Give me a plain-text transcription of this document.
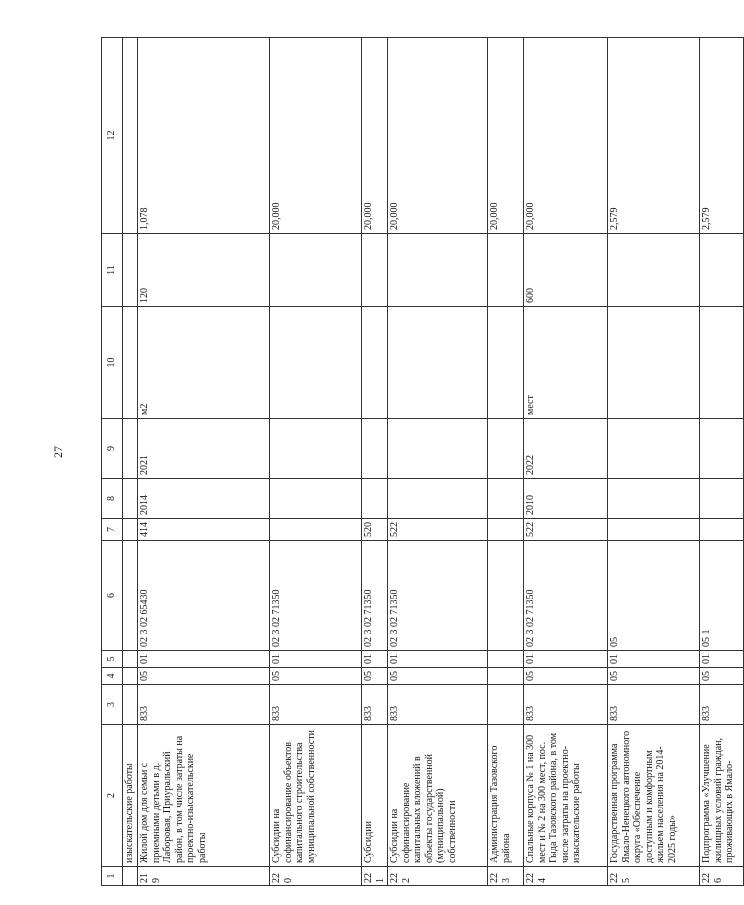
27
1	2	3	4	5	6	7	8	9	10	11	12
	изыскательские работы										
219	Жилой дом для семьи с приемными детьми в д. Лаборовая, Приуральский район, в том числе затраты на проектно-изыскательские работы	833	05	01	02 3 02 65430	414	2014	2021	м2	120	1,078
220	Субсидии на софинансирование объектов капитального строительства муниципальной собственности	833	05	01	02 3 02 71350						20,000
221	Субсидии	833	05	01	02 3 02 71350	520					20,000
222	Субсидии на софинансирование капитальных вложений в объекты государственной (муниципальной) собственности	833	05	01	02 3 02 71350	522					20,000
223	Администрация Тазовского района										20,000
224	Спальные корпуса № 1 на 300 мест и № 2 на 300 мест, пос. Гыда Тазовского района, в том числе затраты на проектно-изыскательские работы	833	05	01	02 3 02 71350	522	2010	2022	мест	600	20,000
225	Государственная программа Ямало-Ненецкого автономного округа «Обеспечение доступным и комфортным жильем населения на 2014-2025 годы»	833	05	01	05						2,579
226	Подпрограмма «Улучшение жилищных условий граждан, проживающих в Ямало-	833	05	01	05 1						2,579
